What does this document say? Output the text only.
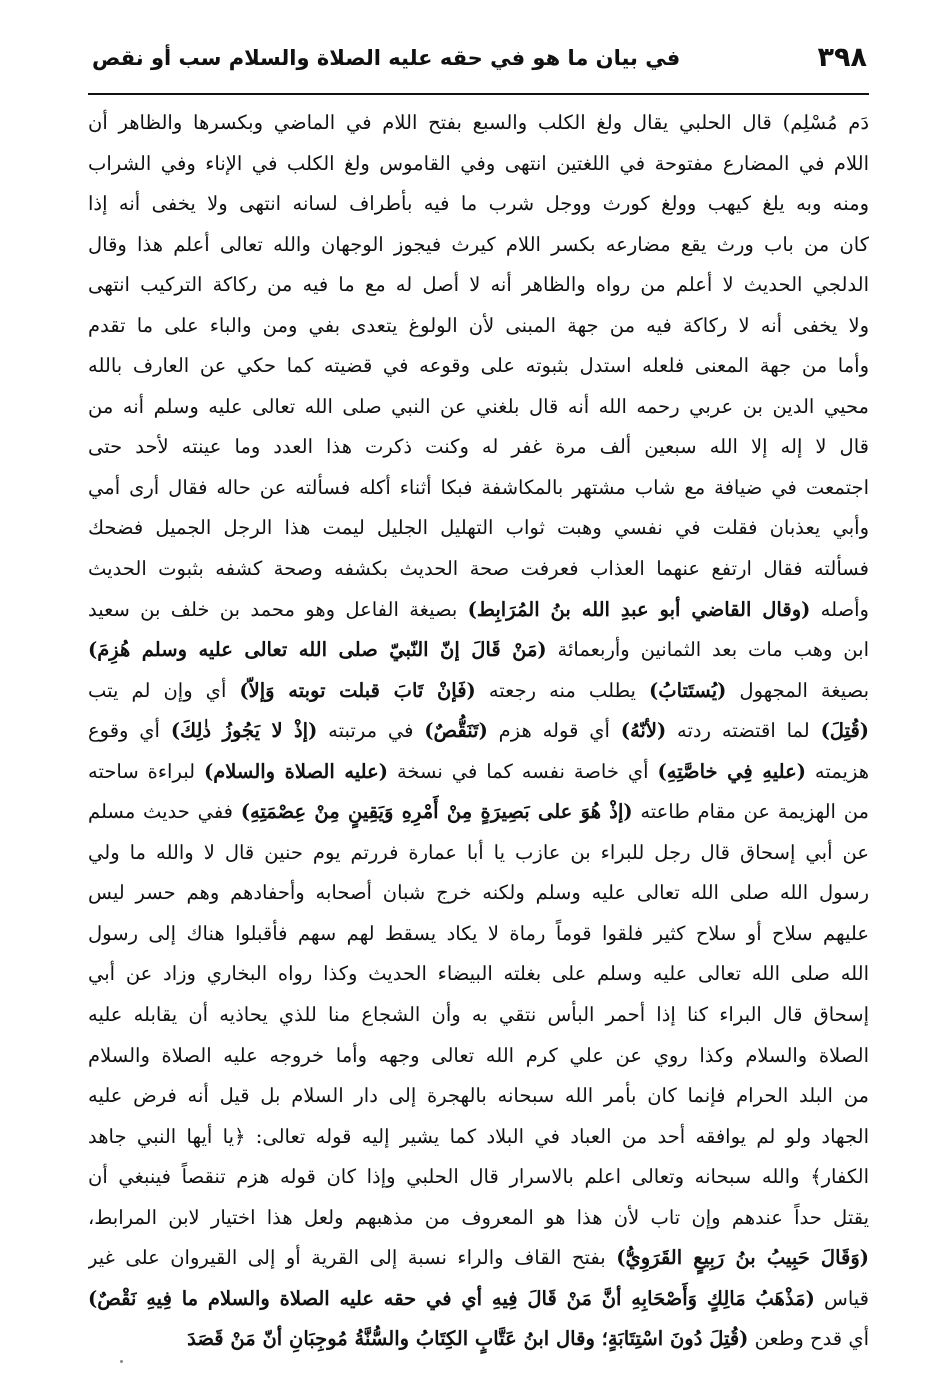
٣٩٨
في بيان ما هو في حقه عليه الصلاة والسلام سب أو نقص
دَم مُسْلِم) قال الحلبي يقال ولغ الكلب والسبع بفتح اللام في الماضي وبكسرها والظاهر أن
اللام في المضارع مفتوحة في اللغتين انتهى وفي القاموس ولغ الكلب في الإناء وفي الشراب
ومنه وبه يلغ كيهب وولغ كورث ووجل شرب ما فيه بأطراف لسانه انتهى ولا يخفى أنه إذا
كان من باب ورث يقع مضارعه بكسر اللام كيرث فيجوز الوجهان والله تعالى أعلم هذا وقال
الدلجي الحديث لا أعلم من رواه والظاهر أنه لا أصل له مع ما فيه من ركاكة التركيب انتهى
ولا يخفى أنه لا ركاكة فيه من جهة المبنى لأن الولوغ يتعدى بفي ومن والباء على ما تقدم
وأما من جهة المعنى فلعله استدل بثبوته على وقوعه في قضيته كما حكي عن العارف بالله
محيي الدين بن عربي رحمه الله أنه قال بلغني عن النبي صلى الله تعالى عليه وسلم أنه من
قال لا إله إلا الله سبعين ألف مرة غفر له وكنت ذكرت هذا العدد وما عينته لأحد حتى
اجتمعت في ضيافة مع شاب مشتهر بالمكاشفة فبكا أثناء أكله فسألته عن حاله فقال أرى أمي
وأبي يعذبان فقلت في نفسي وهبت ثواب التهليل الجليل ليمت هذا الرجل الجميل فضحك
فسألته فقال ارتفع عنهما العذاب فعرفت صحة الحديث بكشفه وصحة كشفه بثبوت الحديث
وأصله (وقال القاضي أبو عبدِ الله بنُ المُرَابِط) بصيغة الفاعل وهو محمد بن خلف بن سعيد
ابن وهب مات بعد الثمانين وأربعمائة (مَنْ قَالَ إنّ النّبيّ صلى الله تعالى عليه وسلم هُزِمَ)
بصيغة المجهول (يُستَتابُ) يطلب منه رجعته (فَإنْ تَابَ قبلت توبته وَإلاّ) أي وإن لم يتب
(قُتِلَ) لما اقتضته ردته (لأنّهُ) أي قوله هزم (تَنَقُّصٌ) في مرتبته (إذْ لا يَجُوزُ ذٰلِكَ) أي وقوع
هزيمته (عليهِ فِي خاصَّتِهِ) أي خاصة نفسه كما في نسخة (عليه الصلاة والسلام) لبراءة ساحته
من الهزيمة عن مقام طاعته (إذْ هُوَ على بَصِيرَةٍ مِنْ أَمْرِهِ وَيَقِينٍ مِنْ عِصْمَتِهِ) ففي حديث مسلم
عن أبي إسحاق قال رجل للبراء بن عازب يا أبا عمارة فررتم يوم حنين قال لا والله ما ولي
رسول الله صلى الله تعالى عليه وسلم ولكنه خرج شبان أصحابه وأحفادهم وهم حسر ليس
عليهم سلاح أو سلاح كثير فلقوا قوماً رماة لا يكاد يسقط لهم سهم فأقبلوا هناك إلى رسول
الله صلى الله تعالى عليه وسلم على بغلته البيضاء الحديث وكذا رواه البخاري وزاد عن أبي
إسحاق قال البراء كنا إذا أحمر البأس نتقي به وأن الشجاع منا للذي يحاذيه أن يقابله عليه
الصلاة والسلام وكذا روي عن علي كرم الله تعالى وجهه وأما خروجه عليه الصلاة والسلام
من البلد الحرام فإنما كان بأمر الله سبحانه بالهجرة إلى دار السلام بل قيل أنه فرض عليه
الجهاد ولو لم يوافقه أحد من العباد في البلاد كما يشير إليه قوله تعالى: ﴿يا أيها النبي جاهد
الكفار﴾ والله سبحانه وتعالى اعلم بالاسرار قال الحلبي وإذا كان قوله هزم تنقصاً فينبغي أن
يقتل حداً عندهم وإن تاب لأن هذا هو المعروف من مذهبهم ولعل هذا اختيار لابن المرابط،
(وَقَالَ حَبِيبُ بنُ رَبِيعٍ القَرَوِيُّ) بفتح القاف والراء نسبة إلى القرية أو إلى القيروان على غير
قياس (مَذْهَبُ مَالِكٍ وَأَصْحَابِهِ أنَّ مَنْ قَالَ فِيهِ أي في حقه عليه الصلاة والسلام ما فِيهِ نَقْصٌ)
أي قدح وطعن (قُتِلَ دُونَ اسْتِتَابَةٍ؛ وقال ابنُ عَتَّابٍ الكِتَابُ والسُّنَّةُ مُوجِبَانِ أنّ مَنْ قَصَدَ
